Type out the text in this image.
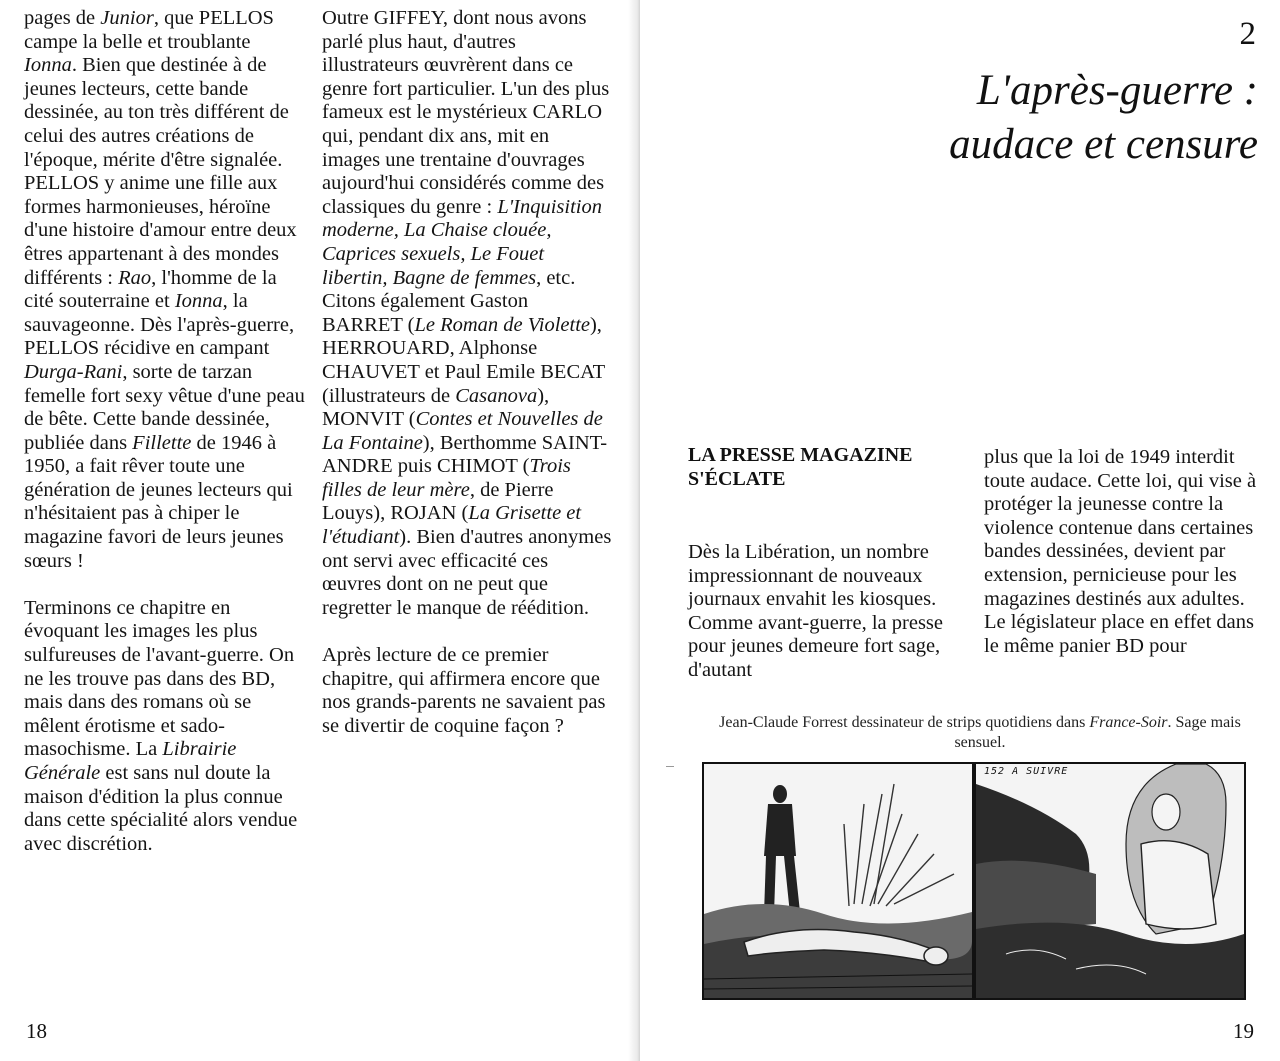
pages de Junior, que PELLOS campe la belle et troublante Ionna. Bien que destinée à de jeunes lecteurs, cette bande dessinée, au ton très différent de celui des autres créations de l'époque, mérite d'être signalée. PELLOS y anime une fille aux formes harmonieuses, héroïne d'une histoire d'amour entre deux êtres appartenant à des mondes différents : Rao, l'homme de la cité souterraine et Ionna, la sauvageonne. Dès l'après-guerre, PELLOS récidive en campant Durga-Rani, sorte de tarzan femelle fort sexy vêtue d'une peau de bête. Cette bande dessinée, publiée dans Fillette de 1946 à 1950, a fait rêver toute une génération de jeunes lecteurs qui n'hésitaient pas à chiper le magazine favori de leurs jeunes sœurs !

Terminons ce chapitre en évoquant les images les plus sulfureuses de l'avant-guerre. On ne les trouve pas dans des BD, mais dans des romans où se mêlent érotisme et sado-masochisme. La Librairie Générale est sans nul doute la maison d'édition la plus connue dans cette spécialité alors vendue avec discrétion.

Outre GIFFEY, dont nous avons parlé plus haut, d'autres illustrateurs œuvrèrent dans ce genre fort particulier. L'un des plus fameux est le mystérieux CARLO qui, pendant dix ans, mit en images une trentaine d'ouvrages aujourd'hui considérés comme des classiques du genre : L'Inquisition moderne, La Chaise clouée, Caprices sexuels, Le Fouet libertin, Bagne de femmes, etc. Citons également Gaston BARRET (Le Roman de Violette), HERROUARD, Alphonse CHAUVET et Paul Emile BECAT (illustrateurs de Casanova), MONVIT (Contes et Nouvelles de La Fontaine), Berthomme SAINT-ANDRE puis CHIMOT (Trois filles de leur mère, de Pierre Louys), ROJAN (La Grisette et l'étudiant). Bien d'autres anonymes ont servi avec efficacité ces œuvres dont on ne peut que regretter le manque de réédition.

Après lecture de ce premier chapitre, qui affirmera encore que nos grands-parents ne savaient pas se divertir de coquine façon ?

18
2
L'après-guerre :
audace et censure
LA PRESSE MAGAZINE
S'ÉCLATE

Dès la Libération, un nombre impressionnant de nouveaux journaux envahit les kiosques. Comme avant-guerre, la presse pour jeunes demeure fort sage, d'autant

plus que la loi de 1949 interdit toute audace. Cette loi, qui vise à protéger la jeunesse contre la violence contenue dans certaines bandes dessinées, devient par extension, pernicieuse pour les magazines destinés aux adultes. Le législateur place en effet dans le même panier BD pour

Jean-Claude Forrest dessinateur de strips quotidiens dans France-Soir. Sage mais sensuel.
152 A SUIVRE
19
